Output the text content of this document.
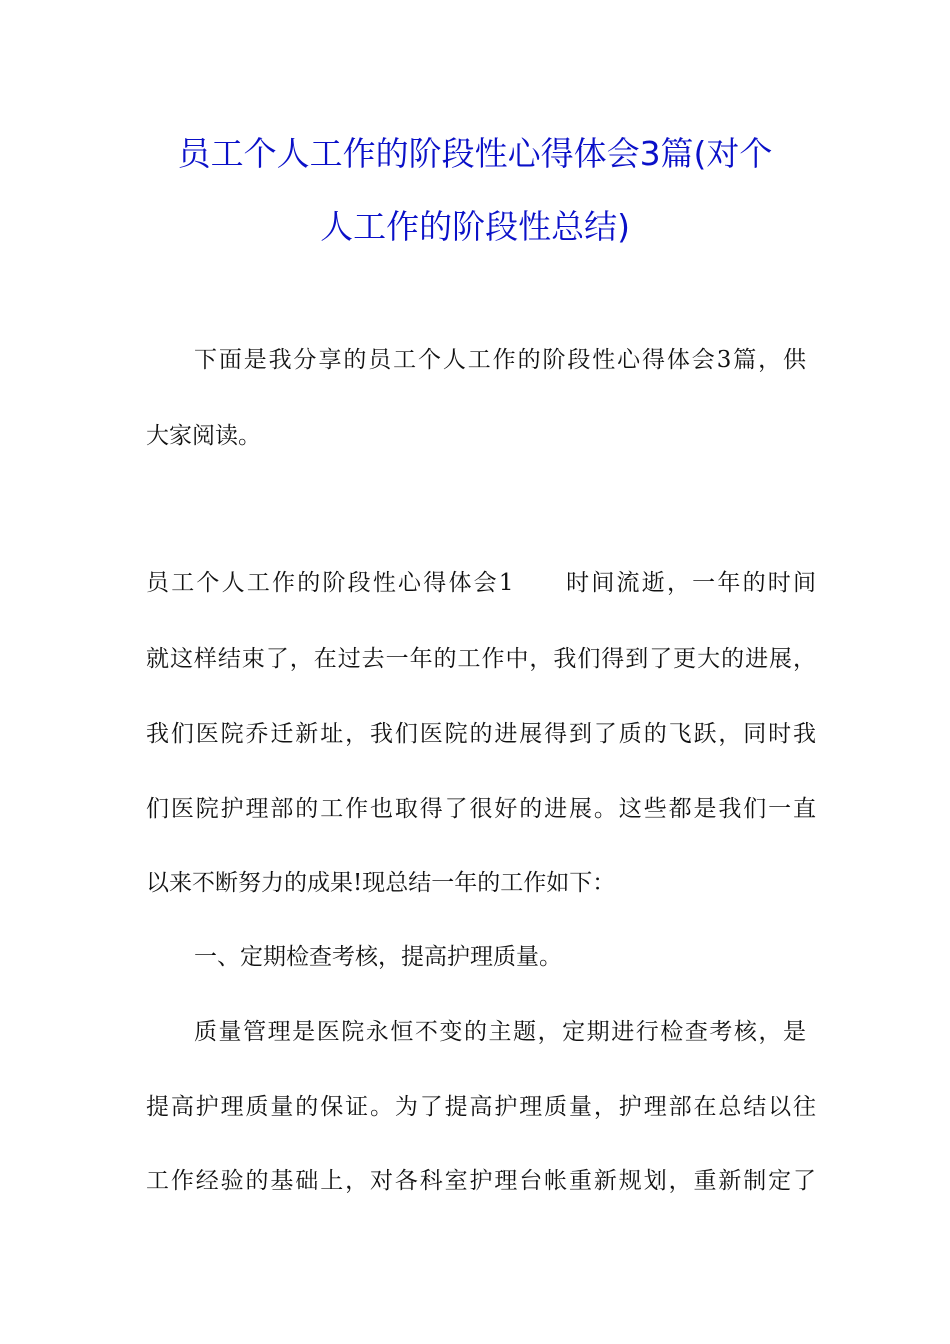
员工个人工作的阶段性心得体会3篇(对个
人工作的阶段性总结)
下面是我分享的员工个人工作的阶段性心得体会3篇，供
大家阅读。
员工个人工作的阶段性心得体会1　　时间流逝，一年的时间
就这样结束了，在过去一年的工作中，我们得到了更大的进展，
我们医院乔迁新址，我们医院的进展得到了质的飞跃，同时我
们医院护理部的工作也取得了很好的进展。这些都是我们一直
以来不断努力的成果!现总结一年的工作如下：
一、定期检查考核，提高护理质量。
质量管理是医院永恒不变的主题，定期进行检查考核，是
提高护理质量的保证。为了提高护理质量，护理部在总结以往
工作经验的基础上，对各科室护理台帐重新规划，重新制定了
